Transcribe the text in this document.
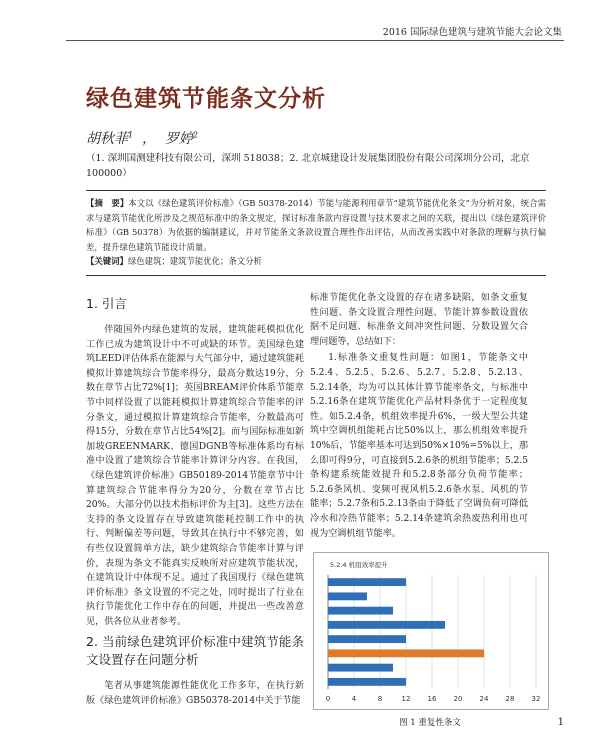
2016 国际绿色建筑与建筑节能大会论文集
绿色建筑节能条文分析
胡秋菲$^1$  ，  罗婷$^2$
（1. 深圳国测建科技有限公司，深圳 518038；2. 北京城建设计发展集团股份有限公司深圳分公司，北京 100000）

【摘　要】本文以《绿色建筑评价标准》（GB 50378-2014）节能与能源利用章节“建筑节能优化条文”为分析对象，统合需求与建筑节能优化所涉及之规范标准中的条文规定，探讨标准条款内容设置与技术要求之间的关联，提出以《绿色建筑评价标准》（GB 50378）为依据的编制建议，并对节能条文条款设置合理性作出评估，从而改善实践中对条款的理解与执行偏差，提升绿色建筑节能设计质量。

【关键词】绿色建筑；建筑节能优化；条文分析

1. 引言

伴随国外内绿色建筑的发展，建筑能耗模拟优化工作已成为建筑设计中不可或缺的环节。美国绿色建筑LEED评估体系在能源与大气部分中，通过建筑能耗模拟计算建筑综合节能率得分，最高分数达19分，分数在章节占比72%[1]；英国BREAM评价体系节能章节中同样设置了以能耗模拟计算建筑综合节能率的评分条文，通过模拟计算建筑综合节能率，分数最高可得15分，分数在章节占比54%[2]。而与国际标准如新加坡GREENMARK、德国DGNB等标准体系均有标准中设置了建筑综合节能率计算评分内容。在我国，《绿色建筑评价标准》GB50189-2014节能章节中计算建筑综合节能率得分为20分，分数在章节占比20%。大部分仍以技术指标评价为主[3]。这些方法在支持的条文设置存在导致建筑能耗控制工作中的执行、判断偏差等问题，导致其在执行中不够完善，如有些仅设置简单方法，缺少建筑综合节能率计算与评价，表现为条文不能真实反映所对应建筑节能状况，在建筑设计中体现不足。通过了我国现行《绿色建筑评价标准》条文设置的不完之处，同时提出了行业在执行节能优化工作中存在的问题，并提出一些改善意见，供各位从业者参考。

2. 当前绿色建筑评价标准中建筑节能条文设置存在问题分析

笔者从事建筑能源性能优化工作多年，在执行新版《绿色建筑评价标准》GB50378-2014中关于节能

标准节能优化条文设置的存在诸多缺陷，如条文重复性问题、条文设置合理性问题、节能计算参数设置依据不足问题、标准条文间冲突性问题、分数设置欠合理问题等，总结如下：

1.标准条文重复性问题：如图1，节能条文中5.2.4、5.2.5、5.2.6、5.2.7、5.2.8、5.2.13、5.2.14条，均为可以其体计算节能率条文，与标准中5.2.16条在建筑节能优化产品材料条优于一定程度复性。如5.2.4条，机组效率提升6%，一级大型公共建筑中空调机组能耗占比50%以上，那么机组效率提升10%后，节能率基本可达到50%×10%=5%以上，那么即可得9分，可直接到5.2.6条的机组节能率；5.2.5条构建系统能效提升和5.2.8条部分负荷节能率；5.2.6条风机、变频可视风机5.2.6条水泵、风机的节能率；5.2.7条和5.2.13条由于降低了空调负荷可降低冷水和冷热节能率；5.2.14条建筑余热废热利用也可视为空调机组节能率。

0	4	8	12 16 20 24 28 32
5.2.4 机组效率提升
图 1 重复性条文	1
